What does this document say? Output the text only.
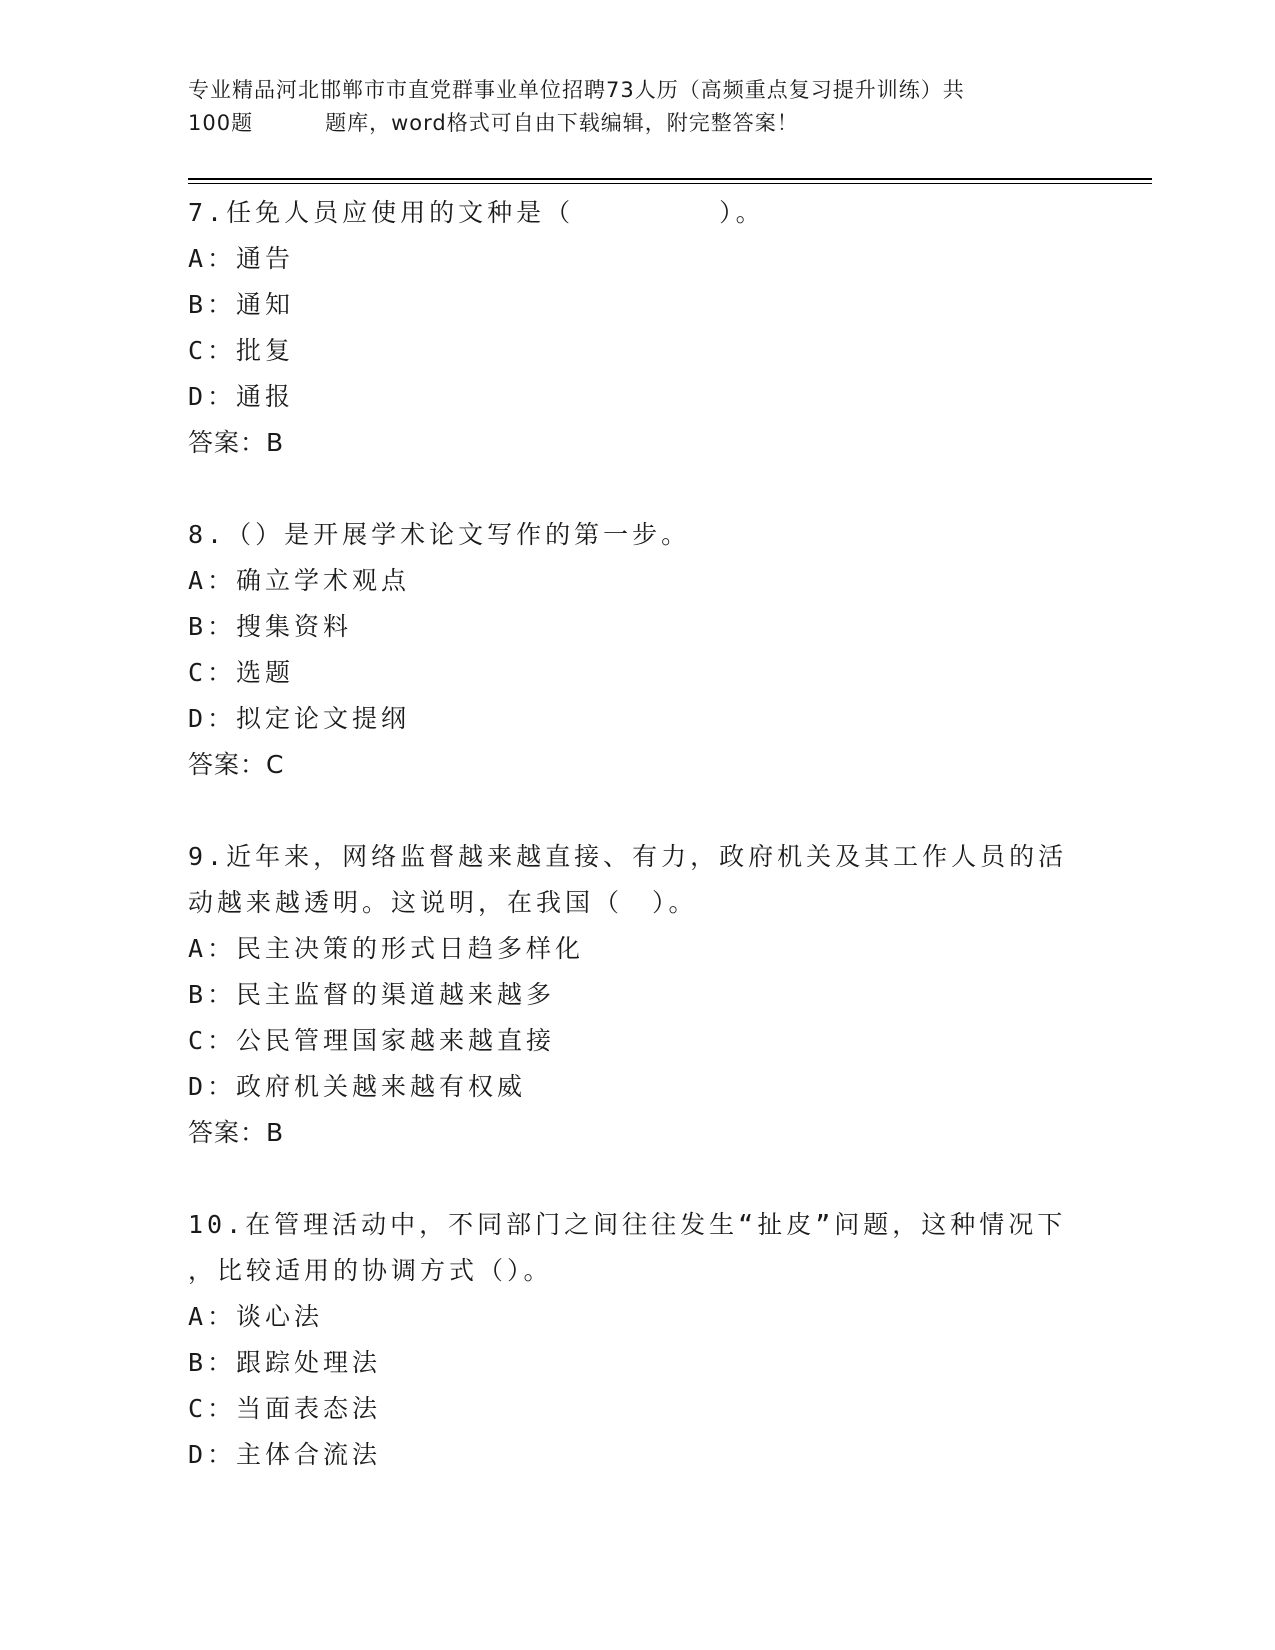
专业精品河北邯郸市市直党群事业单位招聘73人历（高频重点复习提升训练）共
100题	题库，word格式可自由下载编辑，附完整答案！
7.任免人员应使用的文种是（　　　　　）。
A：通告
B：通知
C：批复
D：通报
答案：B
8.（）是开展学术论文写作的第一步。
A：确立学术观点
B：搜集资料
C：选题
D：拟定论文提纲
答案：C
9.近年来，网络监督越来越直接、有力，政府机关及其工作人员的活
动越来越透明。这说明，在我国（　）。
A：民主决策的形式日趋多样化
B：民主监督的渠道越来越多
C：公民管理国家越来越直接
D：政府机关越来越有权威
答案：B
10.在管理活动中，不同部门之间往往发生“扯皮”问题，这种情况下
，比较适用的协调方式（）。
A：谈心法
B：跟踪处理法
C：当面表态法
D：主体合流法
